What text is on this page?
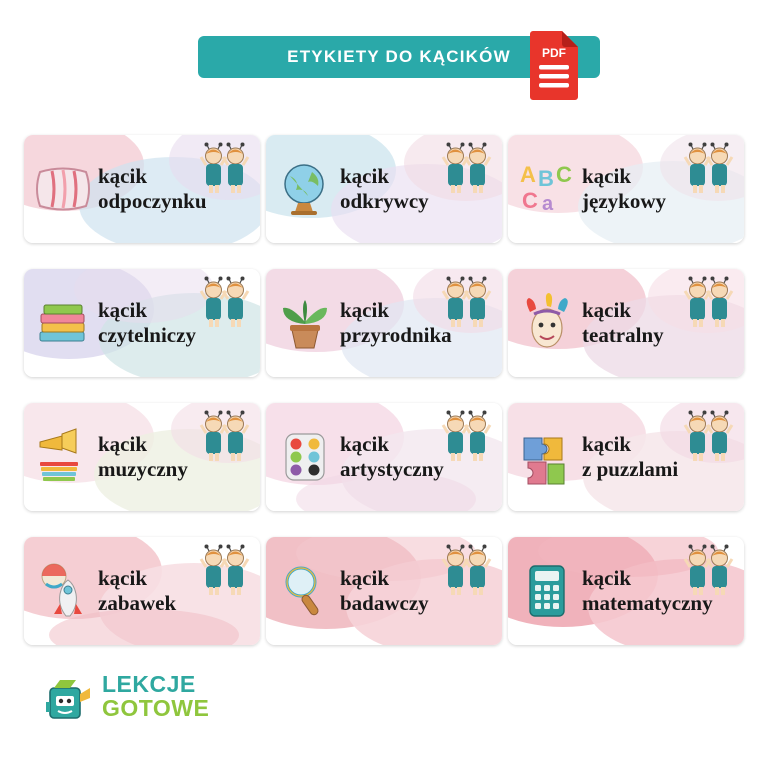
ETYKIETY DO KĄCIKÓW	PDF
kącik
odpoczynku
kącik
odkrywcy
A B C
C a
kącik
językowy
kącik
czytelniczy
kącik
przyrodnika
kącik
teatralny
kącik
muzyczny
kącik
artystyczny
kącik
z puzzlami
kącik
zabawek
kącik
badawczy
kącik
matematyczny
LEKCJE
GOTOWE
